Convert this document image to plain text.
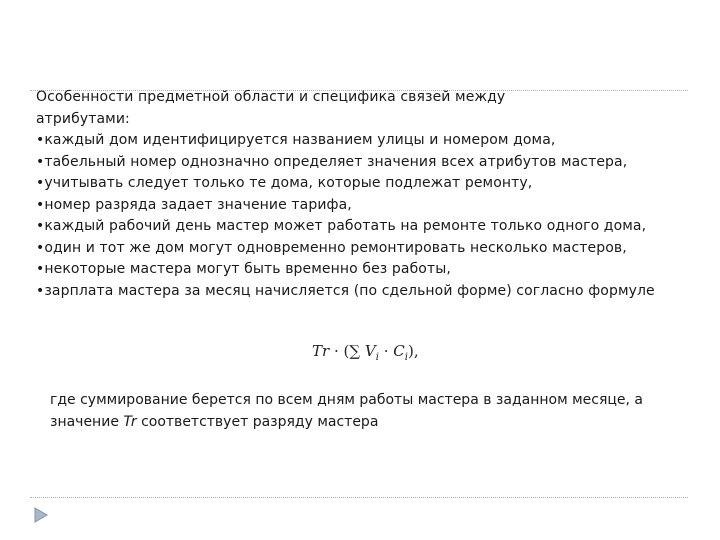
Особенности предметной области и специфика связей между атрибутами:
•каждый дом идентифицируется названием улицы и номером дома,
•табельный номер однозначно определяет значения всех атрибутов мастера,
•учитывать следует только те дома, которые подлежат ремонту,
•номер разряда задает значение тарифа,
•каждый рабочий день мастер может работать на ремонте только одного дома,
•один и тот же дом могут одновременно ремонтировать несколько мастеров,
•некоторые мастера могут быть временно без работы,
•зарплата мастера за месяц начисляется (по сдельной форме) согласно формуле
Tr · (∑ $V_i \cdot C_i$),
где суммирование берется по всем дням работы мастера в заданном месяце, а значение Tr соответствует разряду мастера
